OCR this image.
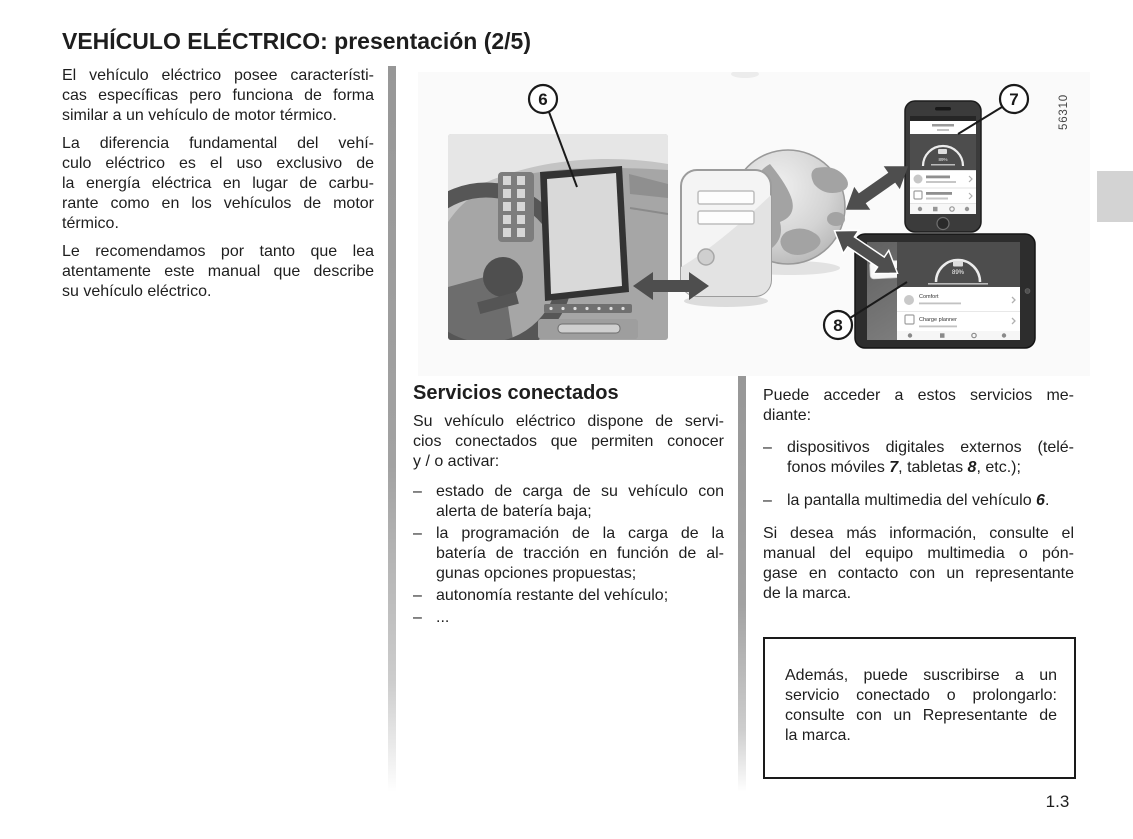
VEHÍCULO ELÉCTRICO: presentación (2/5)

El vehículo eléctrico posee característi-
cas específicas pero funciona de forma
similar a un vehículo de motor térmico.

La diferencia fundamental del vehí-
culo eléctrico es el uso exclusivo de
la energía eléctrica en lugar de carbu-
rante como en los vehículos de motor
térmico.

Le recomendamos por tanto que lea
atentamente este manual que describe
su vehículo eléctrico.

89%
89%
Comfort
Charge planner
6	7
8
56310
Servicios conectados

Su vehículo eléctrico dispone de servi-
cios conectados que permiten conocer
y / o activar:

– estado de carga de su vehículo con
alerta de batería baja;
– la programación de la carga de la
batería de tracción en función de al-
gunas opciones propuestas;
– autonomía restante del vehículo;
– ...

Puede acceder a estos servicios me-
diante:

– dispositivos digitales externos (telé-
fonos móviles 7, tabletas 8, etc.);
– la pantalla multimedia del vehículo 6.

Si desea más información, consulte el
manual del equipo multimedia o pón-
gase en contacto con un representante
de la marca.

Además, puede suscribirse a un
servicio conectado o prolongarlo:
consulte con un Representante de
la marca.
1.3
